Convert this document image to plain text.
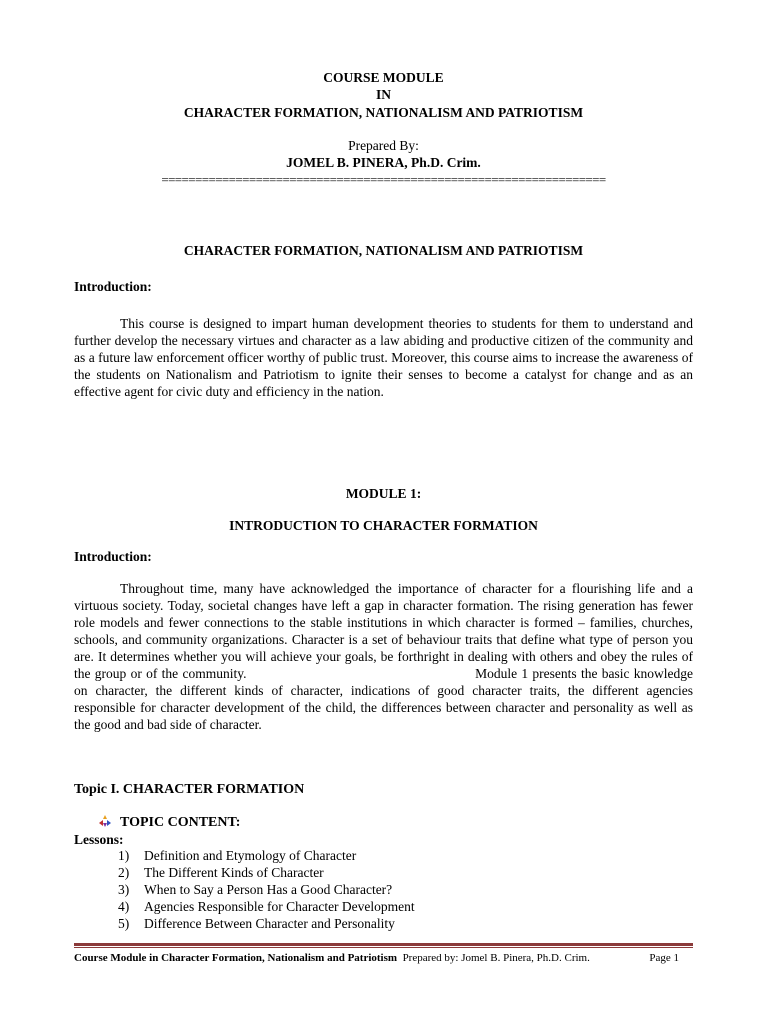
COURSE MODULE
IN
CHARACTER FORMATION, NATIONALISM AND PATRIOTISM
Prepared By:
JOMEL B. PINERA, Ph.D. Crim.
==================================================================
CHARACTER FORMATION, NATIONALISM AND PATRIOTISM
Introduction:
This course is designed to impart human development theories to students for them to understand and further develop the necessary virtues and character as a law abiding and productive citizen of the community and as a future law enforcement officer worthy of public trust. Moreover, this course aims to increase the awareness of the students on Nationalism and Patriotism to ignite their senses to become a catalyst for change and as an effective agent for civic duty and efficiency in the nation.
MODULE 1:
INTRODUCTION TO CHARACTER FORMATION
Introduction:
Throughout time, many have acknowledged the importance of character for a flourishing life and a virtuous society. Today, societal changes have left a gap in character formation. The rising generation has fewer role models and fewer connections to the stable institutions in which character is formed – families, churches, schools, and community organizations. Character is a set of behaviour traits that define what type of person you are. It determines whether you will achieve your goals, be forthright in dealing with others and obey the rules of the group or of the community.	Module 1 presents the basic knowledge on character, the different kinds of character, indications of good character traits, the different agencies responsible for character development of the child, the differences between character and personality as well as the good and bad side of character.
Topic I. CHARACTER FORMATION
TOPIC CONTENT:
Lessons:
1) Definition and Etymology of Character
2) The Different Kinds of Character
3) When to Say a Person Has a Good Character?
4) Agencies Responsible for Character Development
5) Difference Between Character and Personality
Course Module in Character Formation, Nationalism and Patriotism Prepared by: Jomel B. Pinera, Ph.D. Crim.	Page 1
